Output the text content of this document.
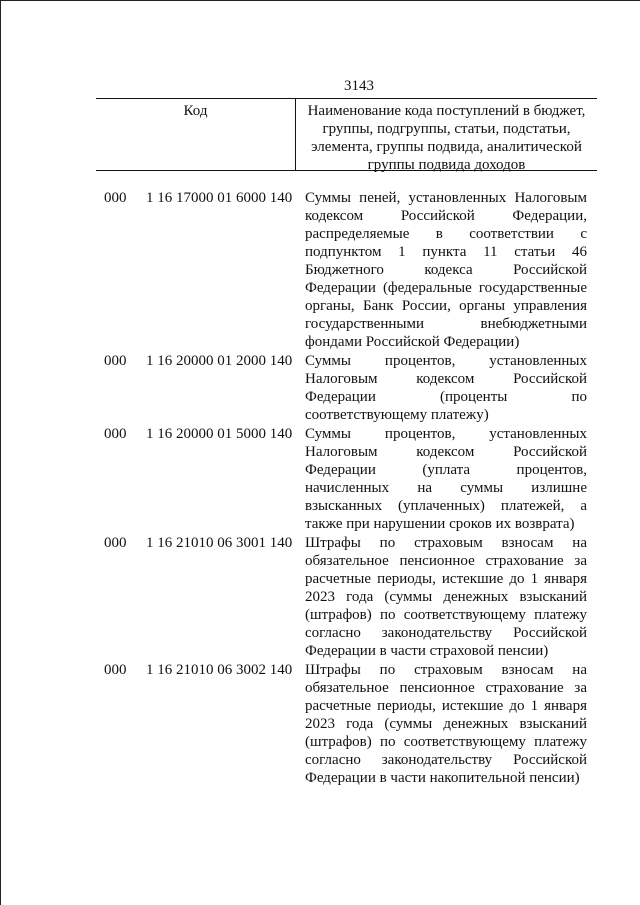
3143
Код	Наименование кода поступлений в бюджет, группы, подгруппы, статьи, подстатьи, элемента, группы подвида, аналитической группы подвида доходов
000 1 16 17000 01 6000 140 Суммы пеней, установленных Налоговым кодексом Российской Федерации, распределяемые в соответствии с подпунктом 1 пункта 11 статьи 46 Бюджетного кодекса Российской Федерации (федеральные государственные органы, Банк России, органы управления государственными внебюджетными фондами Российской Федерации)
000 1 16 20000 01 2000 140 Суммы процентов, установленных Налоговым кодексом Российской Федерации (проценты по соответствующему платежу)
000 1 16 20000 01 5000 140 Суммы процентов, установленных Налоговым кодексом Российской Федерации (уплата процентов, начисленных на суммы излишне взысканных (уплаченных) платежей, а также при нарушении сроков их возврата)
000 1 16 21010 06 3001 140 Штрафы по страховым взносам на обязательное пенсионное страхование за расчетные периоды, истекшие до 1 января 2023 года (суммы денежных взысканий (штрафов) по соответствующему платежу согласно законодательству Российской Федерации в части страховой пенсии)
000 1 16 21010 06 3002 140 Штрафы по страховым взносам на обязательное пенсионное страхование за расчетные периоды, истекшие до 1 января 2023 года (суммы денежных взысканий (штрафов) по соответствующему платежу согласно законодательству Российской Федерации в части накопительной пенсии)
